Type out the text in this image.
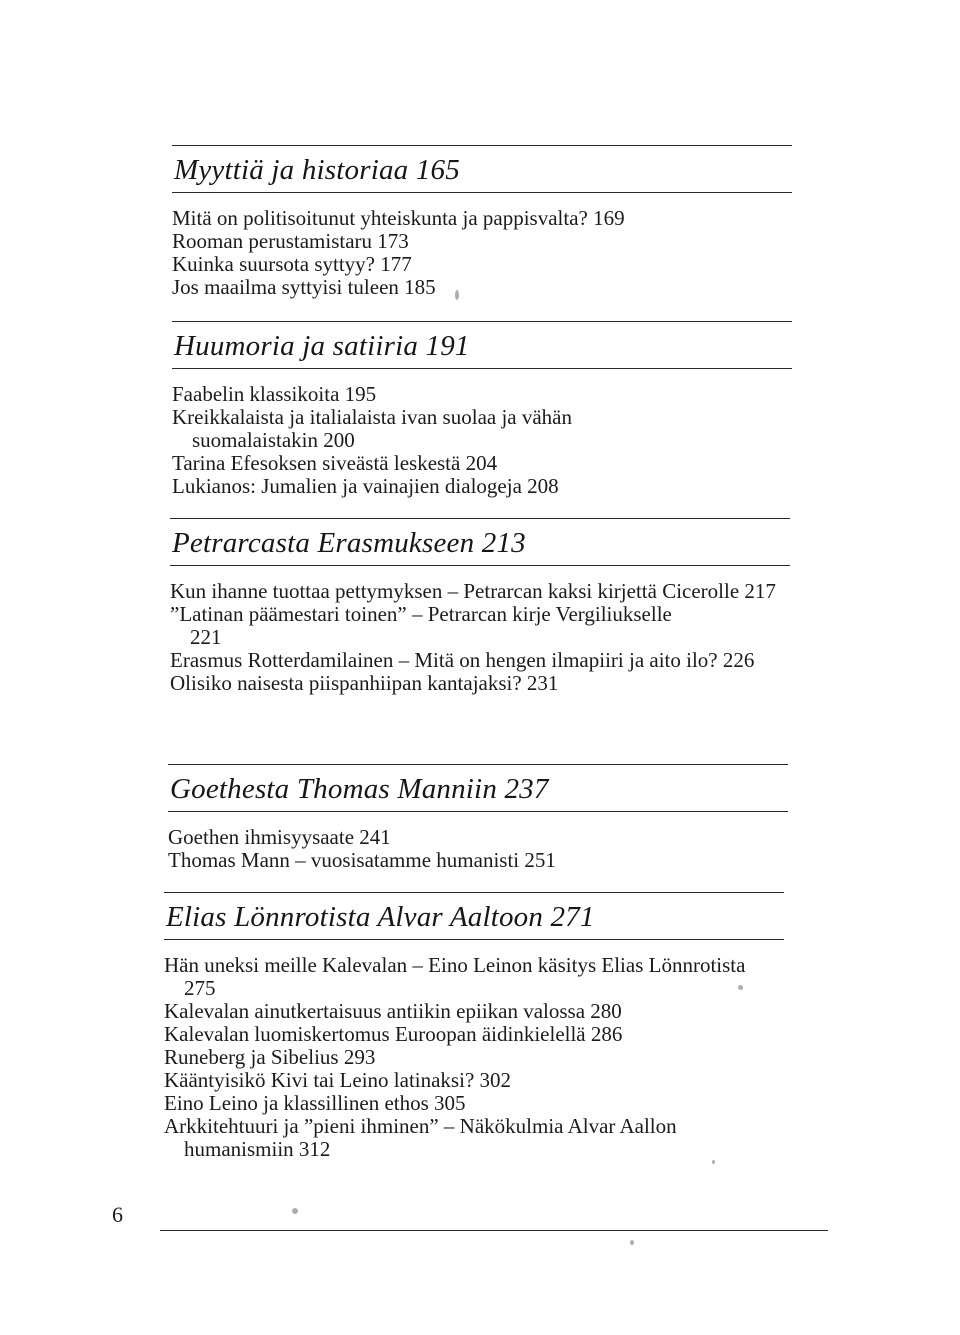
Myyttiä ja historiaa 165
Mitä on politisoitunut yhteiskunta ja pappisvalta? 169
Rooman perustamistaru 173
Kuinka suursota syttyy? 177
Jos maailma syttyisi tuleen 185
Huumoria ja satiiria 191
Faabelin klassikoita 195
Kreikkalaista ja italialaista ivan suolaa ja vähän suomalaistakin 200
Tarina Efesoksen siveästä leskestä 204
Lukianos: Jumalien ja vainajien dialogeja 208
Petrarcasta Erasmukseen 213
Kun ihanne tuottaa pettymyksen – Petrarcan kaksi kirjettä Cicerolle 217
”Latinan päämestari toinen” – Petrarcan kirje Vergiliukselle 221
Erasmus Rotterdamilainen – Mitä on hengen ilmapiiri ja aito ilo? 226
Olisiko naisesta piispanhiipan kantajaksi? 231
Goethesta Thomas Manniin 237
Goethen ihmisyysaate 241
Thomas Mann – vuosisatamme humanisti 251
Elias Lönnrotista Alvar Aaltoon 271
Hän uneksi meille Kalevalan – Eino Leinon käsitys Elias Lönnrotista 275
Kalevalan ainutkertaisuus antiikin epiikan valossa 280
Kalevalan luomiskertomus Euroopan äidinkielellä 286
Runeberg ja Sibelius 293
Kääntyisikö Kivi tai Leino latinaksi? 302
Eino Leino ja klassillinen ethos 305
Arkkitehtuuri ja ”pieni ihminen” – Näkökulmia Alvar Aallon humanismiin 312
6
